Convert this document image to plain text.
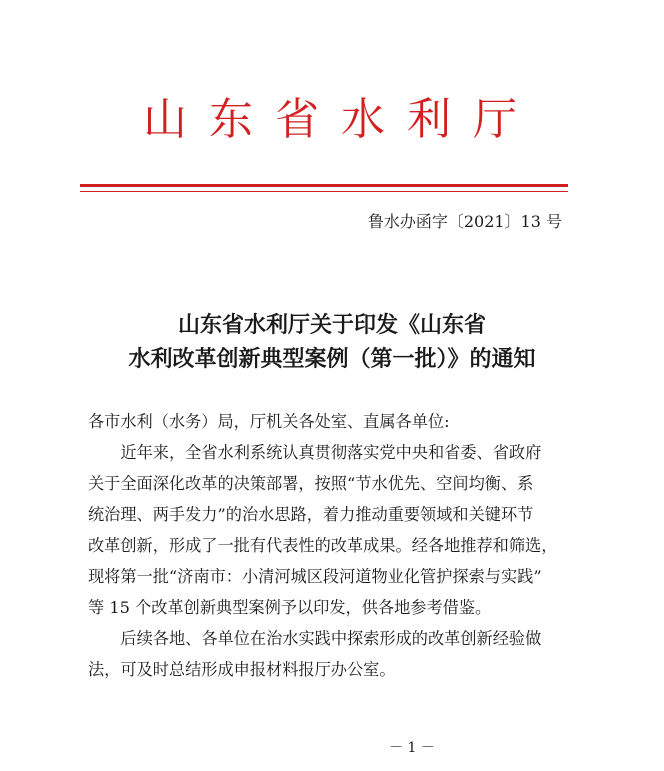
山东省水利厅
鲁水办函字〔2021〕13 号
山东省水利厅关于印发《山东省
水利改革创新典型案例（第一批）》的通知
各市水利（水务）局，厅机关各处室、直属各单位:
近年来，全省水利系统认真贯彻落实党中央和省委、省政府
关于全面深化改革的决策部署，按照“节水优先、空间均衡、系
统治理、两手发力”的治水思路，着力推动重要领域和关键环节
改革创新，形成了一批有代表性的改革成果。经各地推荐和筛选，
现将第一批“济南市：小清河城区段河道物业化管护探索与实践”
等 15 个改革创新典型案例予以印发，供各地参考借鉴。
后续各地、各单位在治水实践中探索形成的改革创新经验做
法，可及时总结形成申报材料报厅办公室。
－ 1 －
